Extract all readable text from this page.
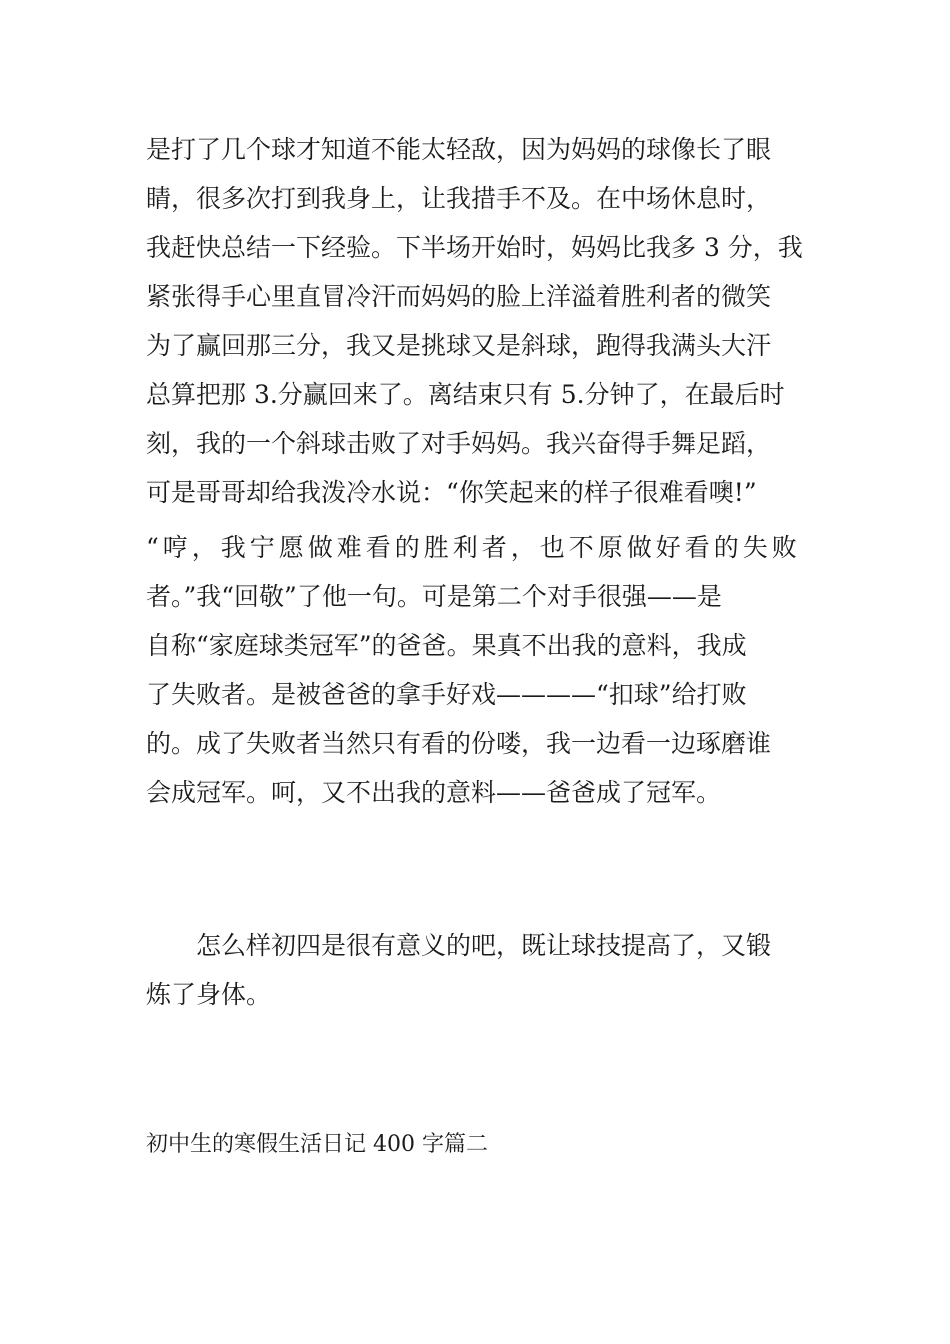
是打了几个球才知道不能太轻敌，因为妈妈的球像长了眼
睛，很多次打到我身上，让我措手不及。在中场休息时，
我赶快总结一下经验。下半场开始时，妈妈比我多 3 分，我
紧张得手心里直冒冷汗而妈妈的脸上洋溢着胜利者的微笑
为了赢回那三分，我又是挑球又是斜球，跑得我满头大汗
总算把那 3.分赢回来了。离结束只有 5.分钟了，在最后时
刻，我的一个斜球击败了对手妈妈。我兴奋得手舞足蹈，
可是哥哥却给我泼冷水说：“你笑起来的样子很难看噢!”
“哼，我宁愿做难看的胜利者，也不原做好看的失败
者。”我“回敬”了他一句。可是第二个对手很强——是
自称“家庭球类冠军”的爸爸。果真不出我的意料，我成
了失败者。是被爸爸的拿手好戏————“扣球”给打败
的。成了失败者当然只有看的份喽，我一边看一边琢磨谁
会成冠军。呵，又不出我的意料——爸爸成了冠军。
　　怎么样初四是很有意义的吧，既让球技提高了，又锻
炼了身体。
初中生的寒假生活日记 400 字篇二
